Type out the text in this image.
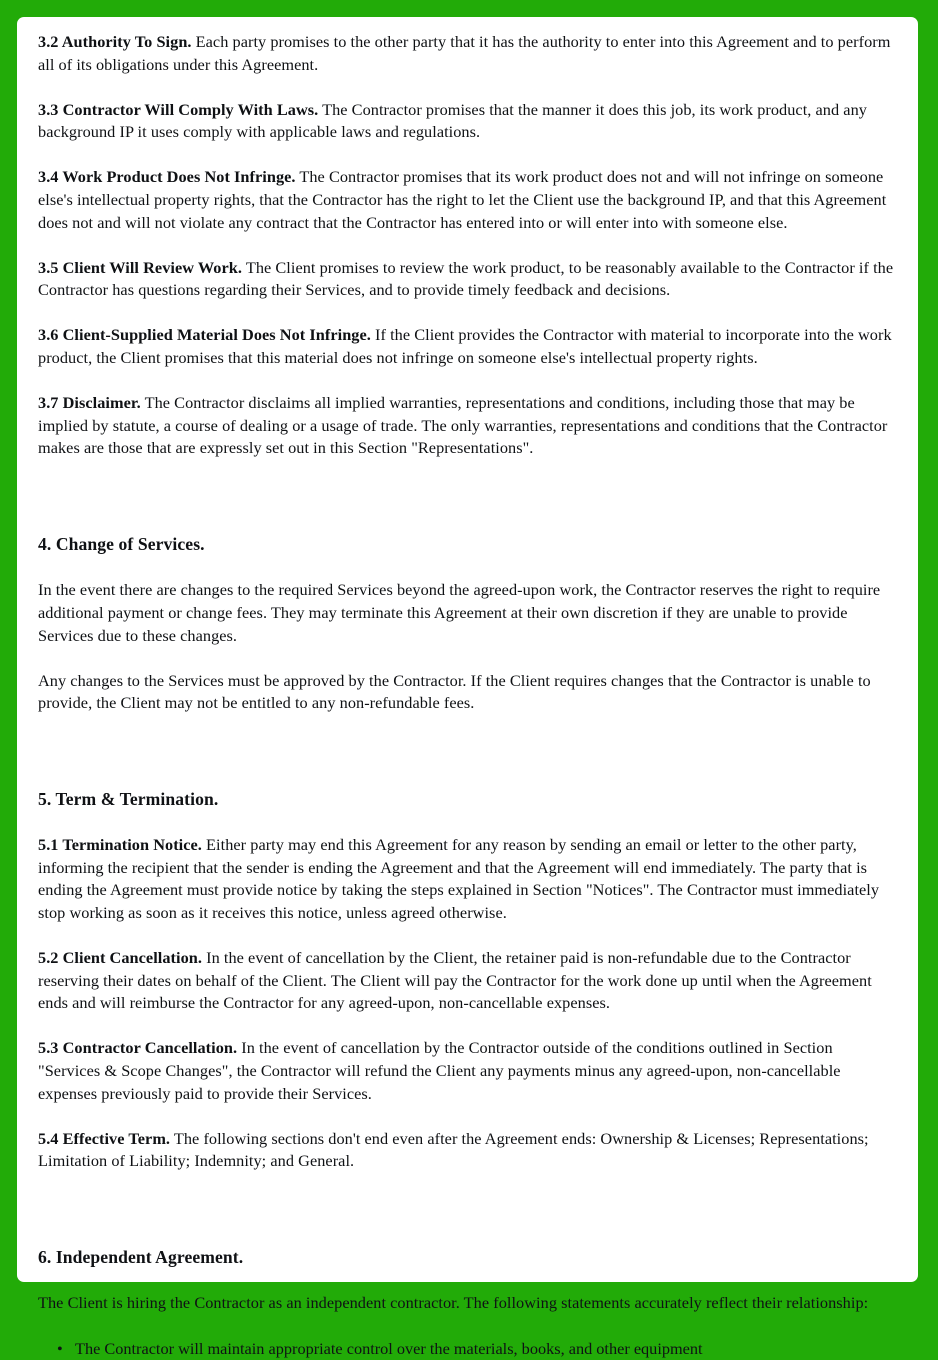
3.2 Authority To Sign. Each party promises to the other party that it has the authority to enter into this Agreement and to perform all of its obligations under this Agreement.

3.3 Contractor Will Comply With Laws. The Contractor promises that the manner it does this job, its work product, and any background IP it uses comply with applicable laws and regulations.

3.4 Work Product Does Not Infringe. The Contractor promises that its work product does not and will not infringe on someone else's intellectual property rights, that the Contractor has the right to let the Client use the background IP, and that this Agreement does not and will not violate any contract that the Contractor has entered into or will enter into with someone else.

3.5 Client Will Review Work. The Client promises to review the work product, to be reasonably available to the Contractor if the Contractor has questions regarding their Services, and to provide timely feedback and decisions.

3.6 Client-Supplied Material Does Not Infringe. If the Client provides the Contractor with material to incorporate into the work product, the Client promises that this material does not infringe on someone else's intellectual property rights.

3.7 Disclaimer. The Contractor disclaims all implied warranties, representations and conditions, including those that may be implied by statute, a course of dealing or a usage of trade. The only warranties, representations and conditions that the Contractor makes are those that are expressly set out in this Section "Representations".

4. Change of Services.

In the event there are changes to the required Services beyond the agreed-upon work, the Contractor reserves the right to require additional payment or change fees. They may terminate this Agreement at their own discretion if they are unable to provide Services due to these changes.

Any changes to the Services must be approved by the Contractor. If the Client requires changes that the Contractor is unable to provide, the Client may not be entitled to any non-refundable fees.

5. Term & Termination.

5.1 Termination Notice. Either party may end this Agreement for any reason by sending an email or letter to the other party, informing the recipient that the sender is ending the Agreement and that the Agreement will end immediately. The party that is ending the Agreement must provide notice by taking the steps explained in Section "Notices". The Contractor must immediately stop working as soon as it receives this notice, unless agreed otherwise.

5.2 Client Cancellation. In the event of cancellation by the Client, the retainer paid is non-refundable due to the Contractor reserving their dates on behalf of the Client. The Client will pay the Contractor for the work done up until when the Agreement ends and will reimburse the Contractor for any agreed-upon, non-cancellable expenses.

5.3 Contractor Cancellation. In the event of cancellation by the Contractor outside of the conditions outlined in Section "Services & Scope Changes", the Contractor will refund the Client any payments minus any agreed-upon, non-cancellable expenses previously paid to provide their Services.

5.4 Effective Term. The following sections don't end even after the Agreement ends: Ownership & Licenses; Representations; Limitation of Liability; Indemnity; and General.

6. Independent Agreement.

The Client is hiring the Contractor as an independent contractor. The following statements accurately reflect their relationship:

• The Contractor will maintain appropriate control over the materials, books, and other equipment
